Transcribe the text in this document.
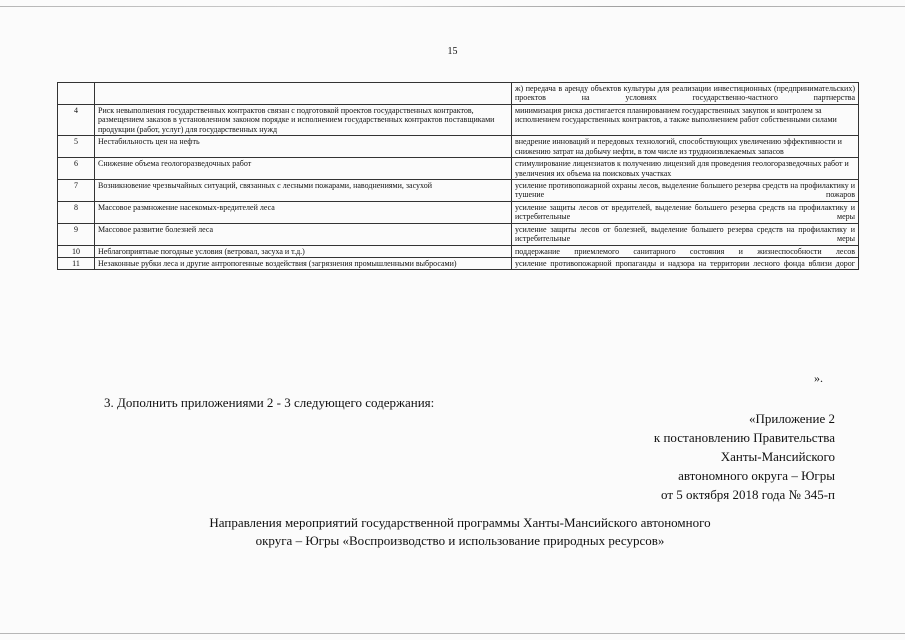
15
		ж) передача в аренду объектов культуры для реализации инвестиционных (предпринимательских) проектов на условиях государственно-частного партнерства
4	Риск невыполнения государственных контрактов связан с подготовкой проектов государственных контрактов, размещением заказов в установленном законом порядке и исполнением государственных контрактов поставщиками продукции (работ, услуг) для государственных нужд	минимизация риска достигается планированием государственных закупок и контролем за исполнением государственных контрактов, а также выполнением работ собственными силами
5	Нестабильность цен на нефть	внедрение инноваций и передовых технологий, способствующих увеличению эффективности и снижению затрат на добычу нефти, в том числе из трудноизвлекаемых запасов
6	Снижение объема геологоразведочных работ	стимулирование лицензиатов к получению лицензий для проведения геологоразведочных работ и увеличения их объема на поисковых участках
7	Возникновение чрезвычайных ситуаций, связанных с лесными пожарами, наводнениями, засухой	усиление противопожарной охраны лесов, выделение большего резерва средств на профилактику и тушение пожаров
8	Массовое размножение насекомых-вредителей леса	усиление защиты лесов от вредителей, выделение большего резерва средств на профилактику и истребительные меры
9	Массовое развитие болезней леса	усиление защиты лесов от болезней, выделение большего резерва средств на профилактику и истребительные меры
10	Неблагоприятные погодные условия (ветровал, засуха и т.д.)	поддержание приемлемого санитарного состояния и жизнеспособности лесов
11	Незаконные рубки леса и другие антропогенные воздействия (загрязнения промышленными выбросами)	усиление противопожарной пропаганды и надзора на территории лесного фонда вблизи дорог
».
3. Дополнить приложениями 2 - 3 следующего содержания:
«Приложение 2
к постановлению Правительства
Ханты-Мансийского
автономного округа – Югры
от 5 октября 2018 года № 345-п
Направления мероприятий государственной программы Ханты-Мансийского автономного
округа – Югры «Воспроизводство и использование природных ресурсов»
